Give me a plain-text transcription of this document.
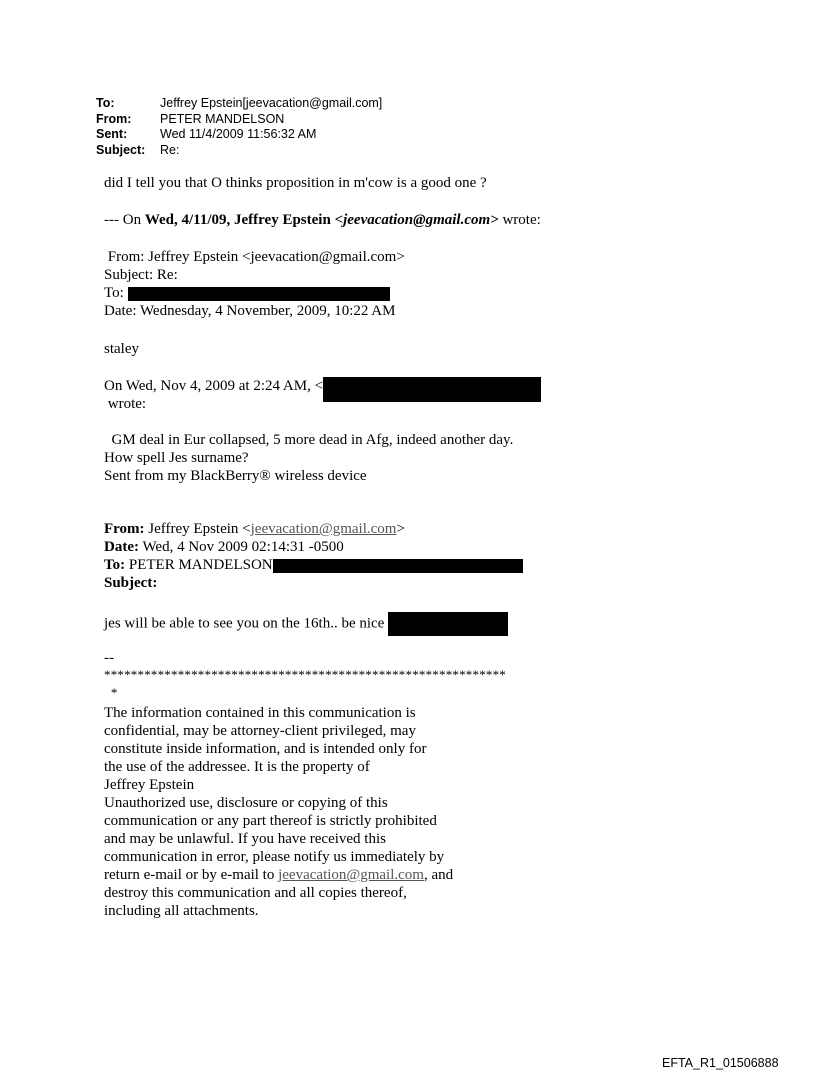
To:	Jeffrey Epstein[jeevacation@gmail.com]
From:	PETER MANDELSON
Sent:	Wed 11/4/2009 11:56:32 AM
Subject:	Re:
did I tell you that O thinks proposition in m'cow is a good one ?
--- On Wed, 4/11/09, Jeffrey Epstein <jeevacation@gmail.com> wrote:
From: Jeffrey Epstein <jeevacation@gmail.com>
Subject: Re:
To:
Date: Wednesday, 4 November, 2009, 10:22 AM
staley
On Wed, Nov 4, 2009 at 2:24 AM, <
wrote:
GM deal in Eur collapsed, 5 more dead in Afg, indeed another day.
How spell Jes surname?
Sent from my BlackBerry® wireless device
From: Jeffrey Epstein <jeevacation@gmail.com>
Date: Wed, 4 Nov 2009 02:14:31 -0500
To: PETER MANDELSON
Subject:
jes will be able to see you on the 16th.. be nice
--
************************************************************
*
The information contained in this communication is
confidential, may be attorney-client privileged, may
constitute inside information, and is intended only for
the use of the addressee. It is the property of
Jeffrey Epstein
Unauthorized use, disclosure or copying of this
communication or any part thereof is strictly prohibited
and may be unlawful. If you have received this
communication in error, please notify us immediately by
return e-mail or by e-mail to jeevacation@gmail.com, and
destroy this communication and all copies thereof,
including all attachments.
EFTA_R1_01506888
